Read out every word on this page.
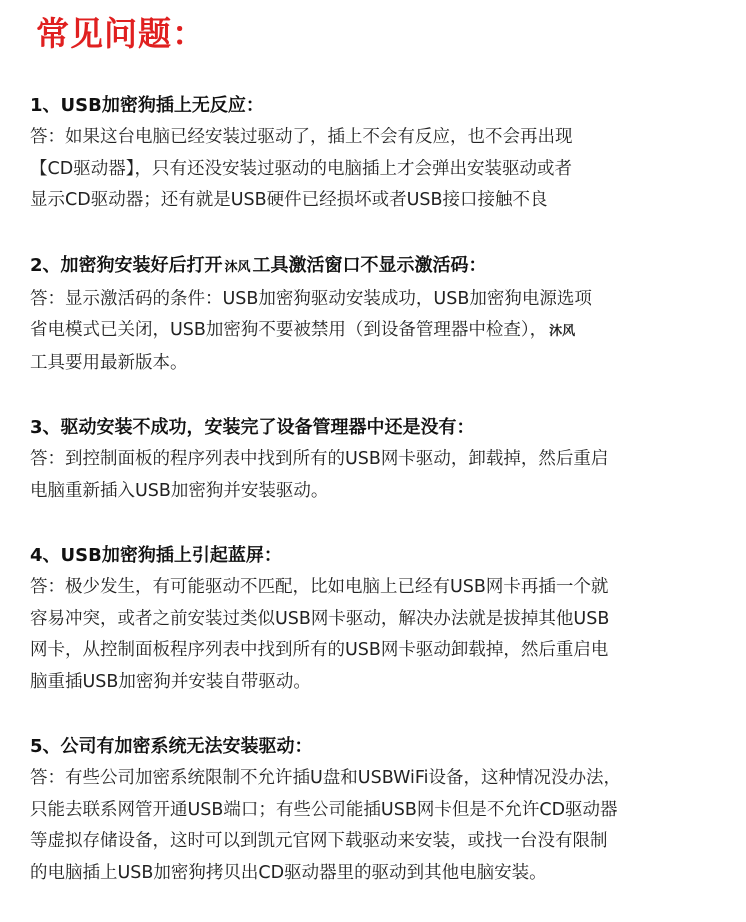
常见问题：

1、USB加密狗插上无反应：

答：如果这台电脑已经安装过驱动了，插上不会有反应，也不会再出现
【CD驱动器】，只有还没安装过驱动的电脑插上才会弹出安装驱动或者
显示CD驱动器；还有就是USB硬件已经损坏或者USB接口接触不良

2、加密狗安装好后打开 沐风 工具激活窗口不显示激活码：

答：显示激活码的条件：USB加密狗驱动安装成功，USB加密狗电源选项
省电模式已关闭，USB加密狗不要被禁用（到设备管理器中检查）， 沐风
工具要用最新版本。

3、驱动安装不成功，安装完了设备管理器中还是没有：

答：到控制面板的程序列表中找到所有的USB网卡驱动，卸载掉，然后重启
电脑重新插入USB加密狗并安装驱动。

4、USB加密狗插上引起蓝屏：

答：极少发生，有可能驱动不匹配，比如电脑上已经有USB网卡再插一个就
容易冲突，或者之前安装过类似USB网卡驱动，解决办法就是拔掉其他USB
网卡，从控制面板程序列表中找到所有的USB网卡驱动卸载掉，然后重启电
脑重插USB加密狗并安装自带驱动。

5、公司有加密系统无法安装驱动：

答：有些公司加密系统限制不允许插U盘和USBWiFi设备，这种情况没办法，
只能去联系网管开通USB端口；有些公司能插USB网卡但是不允许CD驱动器
等虚拟存储设备，这时可以到凯元官网下载驱动来安装，或找一台没有限制
的电脑插上USB加密狗拷贝出CD驱动器里的驱动到其他电脑安装。
